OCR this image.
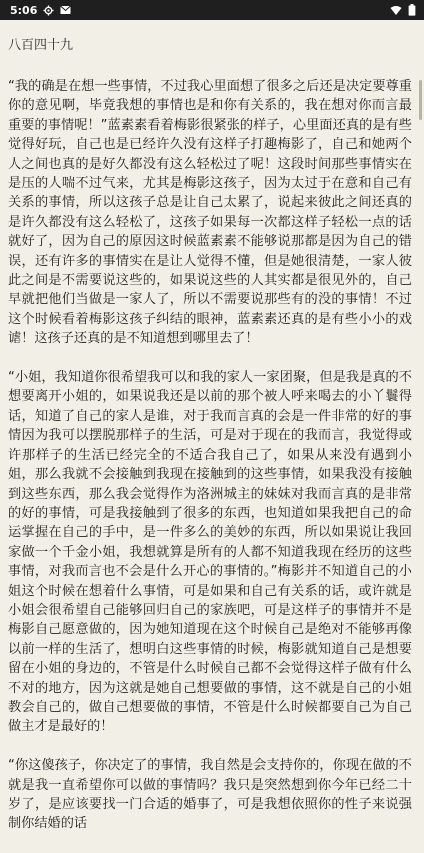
5:06
八百四十九

“我的确是在想一些事情，不过我心里面想了很多之后还是决定要尊重你的意见啊，毕竟我想的事情也是和你有关系的，我在想对你而言最重要的事情呢！”蓝素素看着梅影很紧张的样子，心里面还真的是有些觉得好玩，自己也是已经许久没有这样子打趣梅影了，自己和她两个人之间也真的是好久都没有这么轻松过了呢！这段时间那些事情实在是压的人喘不过气来，尤其是梅影这孩子，因为太过于在意和自己有关系的事情，所以这孩子总是让自己太累了，说起来彼此之间还真的是许久都没有这么轻松了，这孩子如果每一次都这样子轻松一点的话就好了，因为自己的原因这时候蓝素素不能够说那都是因为自己的错误，还有许多的事情实在是让人觉得不懂，但是她很清楚，一家人彼此之间是不需要说这些的，如果说这些的人其实都是很见外的，自己早就把他们当做是一家人了，所以不需要说那些有的没的事情！不过这个时候看着梅影这孩子纠结的眼神，蓝素素还真的是有些小小的戏谑！这孩子还真的是不知道想到哪里去了！

“小姐，我知道你很希望我可以和我的家人一家团聚，但是我是真的不想要离开小姐的，如果说我还是以前的那个被人呼来喝去的小丫鬟得话，知道了自己的家人是谁，对于我而言真的会是一件非常的好的事情因为我可以摆脱那样子的生活，可是对于现在的我而言，我觉得或许那样子的生活已经完全的不适合我自己了，如果从来没有遇到小姐，那么我就不会接触到我现在接触到的这些事情，如果我没有接触到这些东西，那么我会觉得作为洛洲城主的妹妹对我而言真的是非常的好的事情，可是我接触到了很多的东西，也知道如果我把自己的命运掌握在自己的手中，是一件多么的美妙的东西，所以如果说让我回家做一个千金小姐，我想就算是所有的人都不知道我现在经历的这些事情，对我而言也不会是什么开心的事情的。”梅影并不知道自己的小姐这个时候在想着什么事情，可是如果和自己有关系的话，或许就是小姐会很希望自己能够回归自己的家族吧，可是这样子的事情并不是梅影自己愿意做的，因为她知道现在这个时候自己是绝对不能够再像以前一样的生活了，想明白这些事情的时候，梅影就知道自己是想要留在小姐的身边的，不管是什么时候自己都不会觉得这样子做有什么不对的地方，因为这就是她自己想要做的事情，这不就是自己的小姐教会自己的，做自己想要做的事情，不管是什么时候都要自己为自己做主才是最好的！

“你这傻孩子，你决定了的事情，我自然是会支持你的，你现在做的不就是我一直希望你可以做的事情吗？我只是突然想到你今年已经二十岁了，是应该要找一门合适的婚事了，可是我想依照你的性子来说强制你结婚的话
